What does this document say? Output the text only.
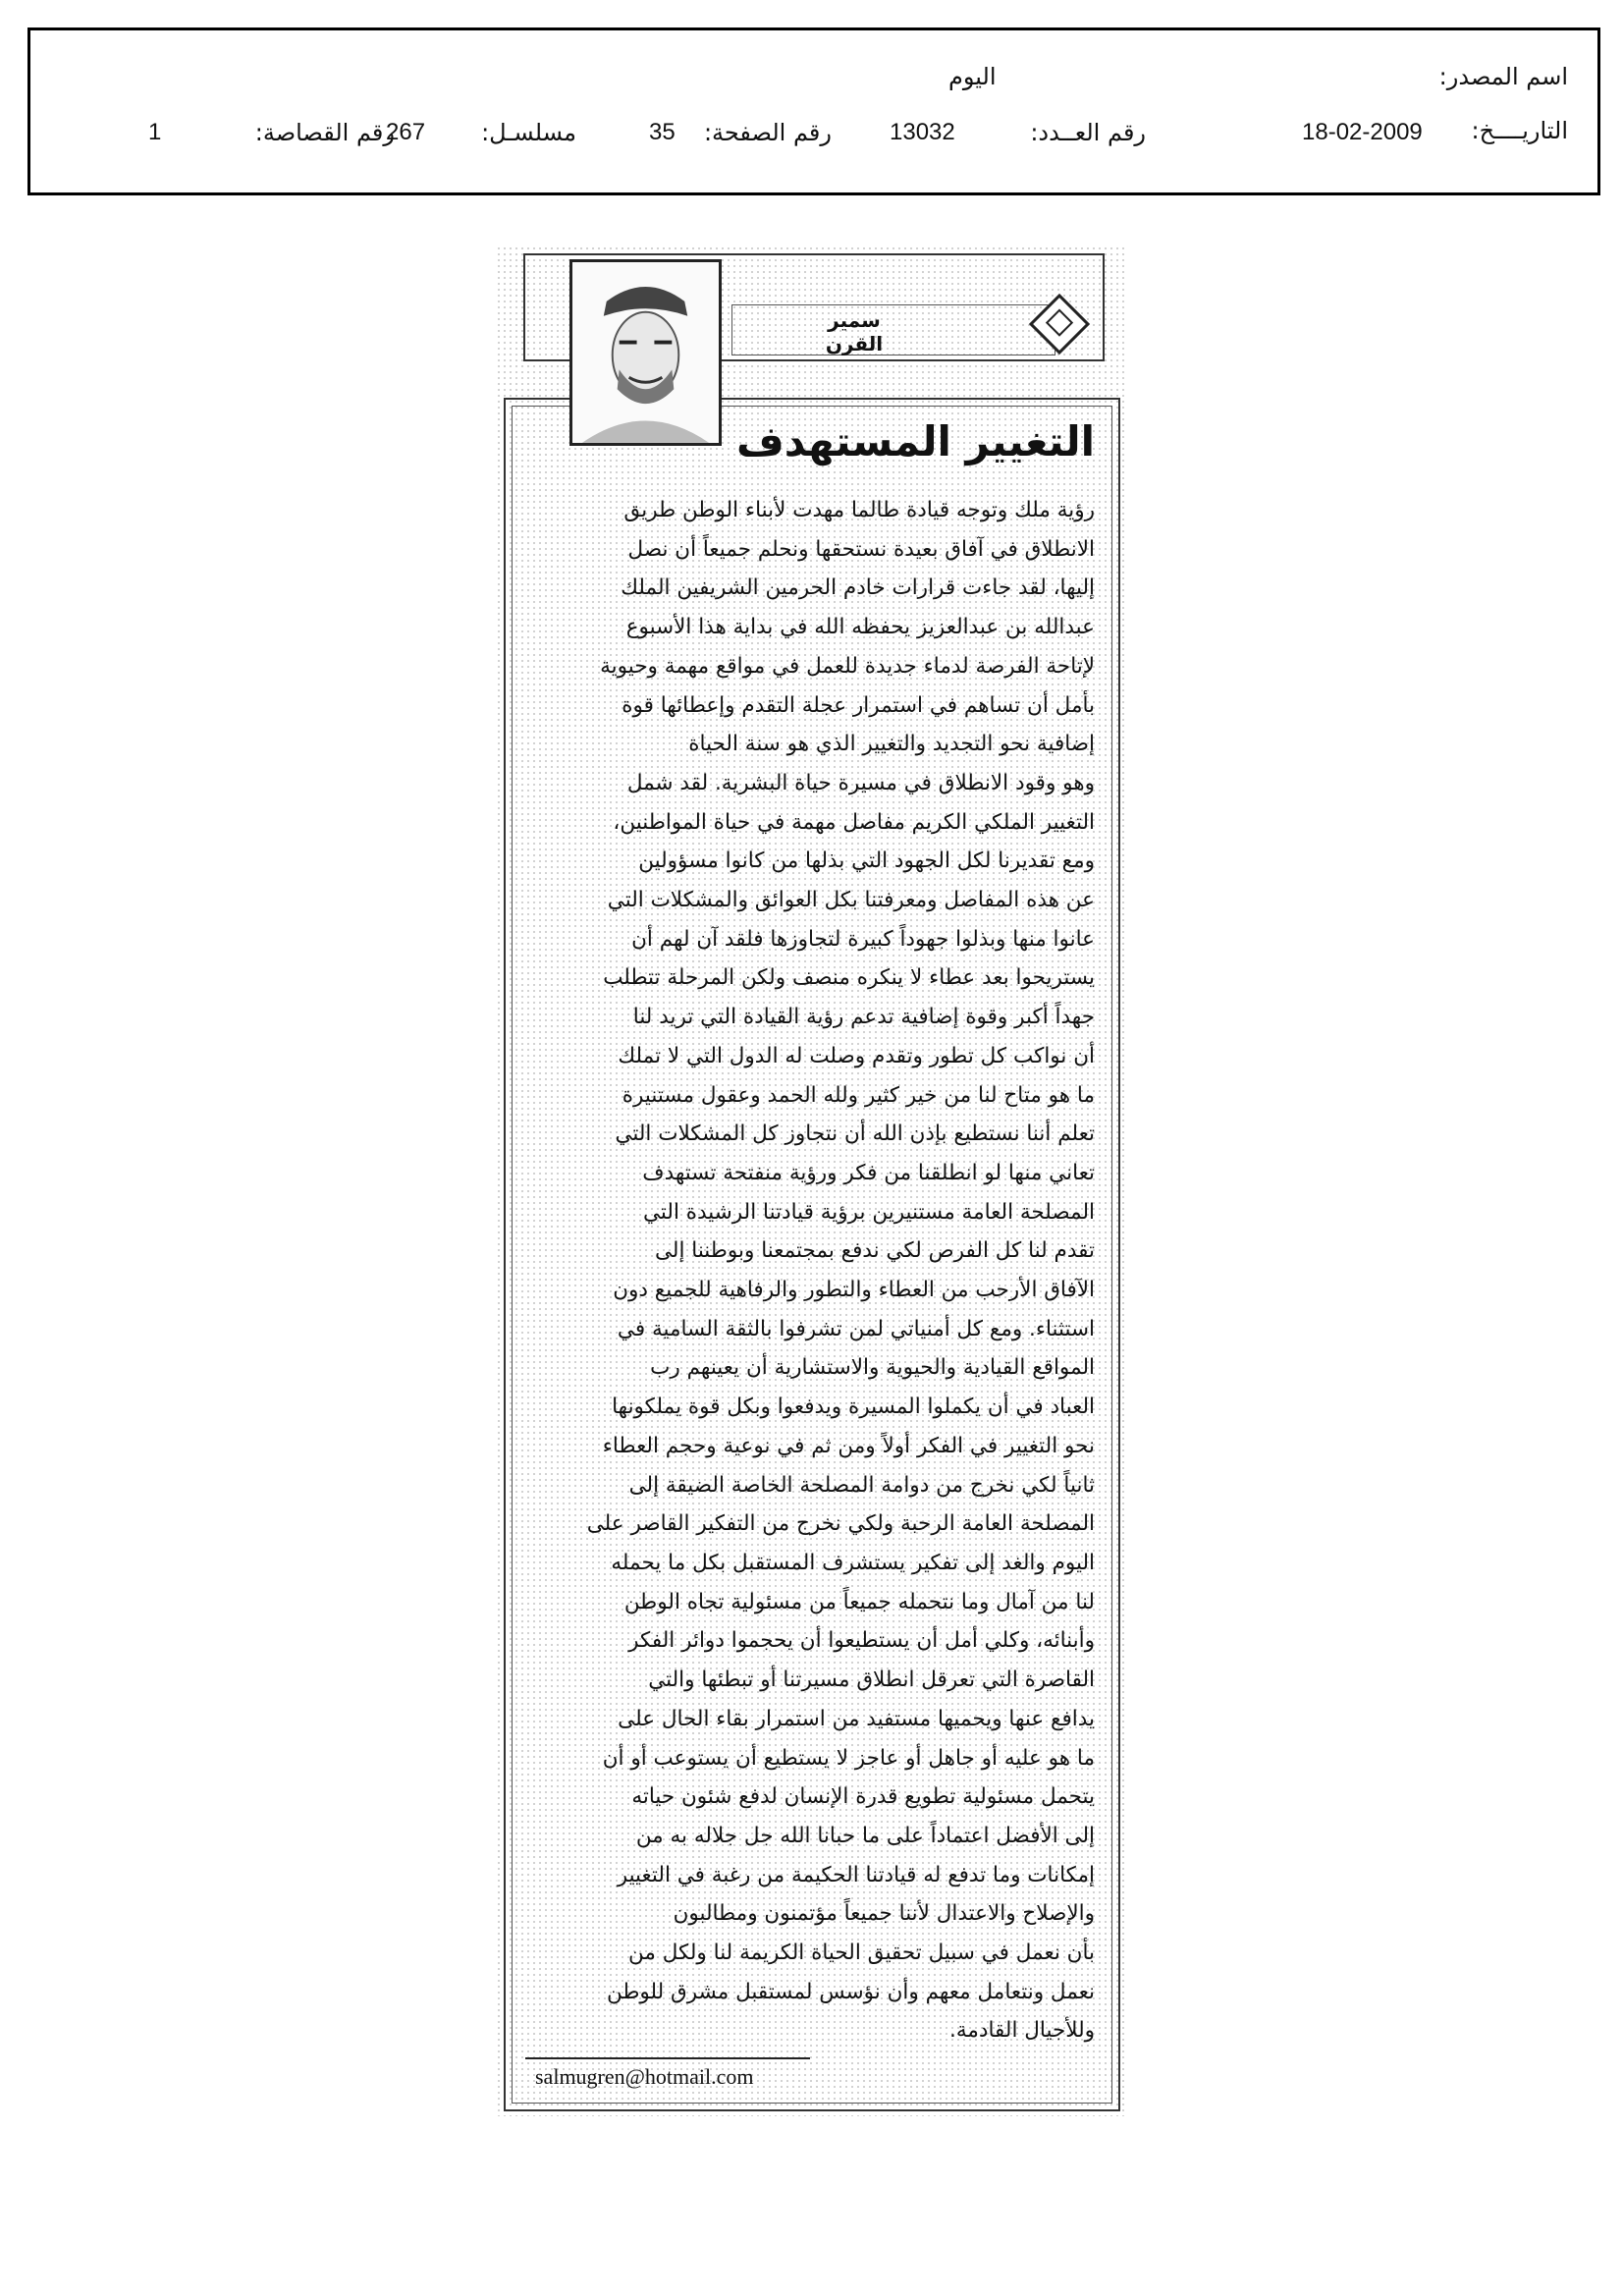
اسم المصدر:
اليوم
التاريــــخ:
18-02-2009
رقم العــدد:
13032
رقم الصفحة:
35
مسلسـل:
267
رقم القصاصة:
1
سمير القرن
التغيير المستهدف
رؤية ملك وتوجه قيادة طالما مهدت لأبناء الوطن طريق
الانطلاق في آفاق بعيدة نستحقها ونحلم جميعاً أن نصل
إليها، لقد جاءت قرارات خادم الحرمين الشريفين الملك
عبدالله بن عبدالعزيز يحفظه الله في بداية هذا الأسبوع
لإتاحة الفرصة لدماء جديدة للعمل في مواقع مهمة وحيوية
بأمل أن تساهم في استمرار عجلة التقدم وإعطائها قوة
إضافية نحو التجديد والتغيير الذي هو سنة الحياة
وهو وقود الانطلاق في مسيرة حياة البشرية. لقد شمل
التغيير الملكي الكريم مفاصل مهمة في حياة المواطنين،
ومع تقديرنا لكل الجهود التي بذلها من كانوا مسؤولين
عن هذه المفاصل ومعرفتنا بكل العوائق والمشكلات التي
عانوا منها وبذلوا جهوداً كبيرة لتجاوزها فلقد آن لهم أن
يستريحوا بعد عطاء لا ينكره منصف ولكن المرحلة تتطلب
جهداً أكبر وقوة إضافية تدعم رؤية القيادة التي تريد لنا
أن نواكب كل تطور وتقدم وصلت له الدول التي لا تملك
ما هو متاح لنا من خير كثير ولله الحمد وعقول مستنيرة
تعلم أننا نستطيع بإذن الله أن نتجاوز كل المشكلات التي
تعاني منها لو انطلقنا من فكر ورؤية منفتحة تستهدف
المصلحة العامة مستنيرين برؤية قيادتنا الرشيدة التي
تقدم لنا كل الفرص لكي ندفع بمجتمعنا وبوطننا إلى
الآفاق الأرحب من العطاء والتطور والرفاهية للجميع دون
استثناء. ومع كل أمنياتي لمن تشرفوا بالثقة السامية في
المواقع القيادية والحيوية والاستشارية أن يعينهم رب
العباد في أن يكملوا المسيرة ويدفعوا وبكل قوة يملكونها
نحو التغيير في الفكر أولاً ومن ثم في نوعية وحجم العطاء
ثانياً لكي نخرج من دوامة المصلحة الخاصة الضيقة إلى
المصلحة العامة الرحبة ولكي نخرج من التفكير القاصر على
اليوم والغد إلى تفكير يستشرف المستقبل بكل ما يحمله
لنا من آمال وما نتحمله جميعاً من مسئولية تجاه الوطن
وأبنائه، وكلي أمل أن يستطيعوا أن يحجموا دوائر الفكر
القاصرة التي تعرقل انطلاق مسيرتنا أو تبطئها والتي
يدافع عنها ويحميها مستفيد من استمرار بقاء الحال على
ما هو عليه أو جاهل أو عاجز لا يستطيع أن يستوعب أو أن
يتحمل مسئولية تطويع قدرة الإنسان لدفع شئون حياته
إلى الأفضل اعتماداً على ما حبانا الله جل جلاله به من
إمكانات وما تدفع له قيادتنا الحكيمة من رغبة في التغيير
والإصلاح والاعتدال لأننا جميعاً مؤتمنون ومطالبون
بأن نعمل في سبيل تحقيق الحياة الكريمة لنا ولكل من
نعمل ونتعامل معهم وأن نؤسس لمستقبل مشرق للوطن
وللأجيال القادمة.
salmugren@hotmail.com
